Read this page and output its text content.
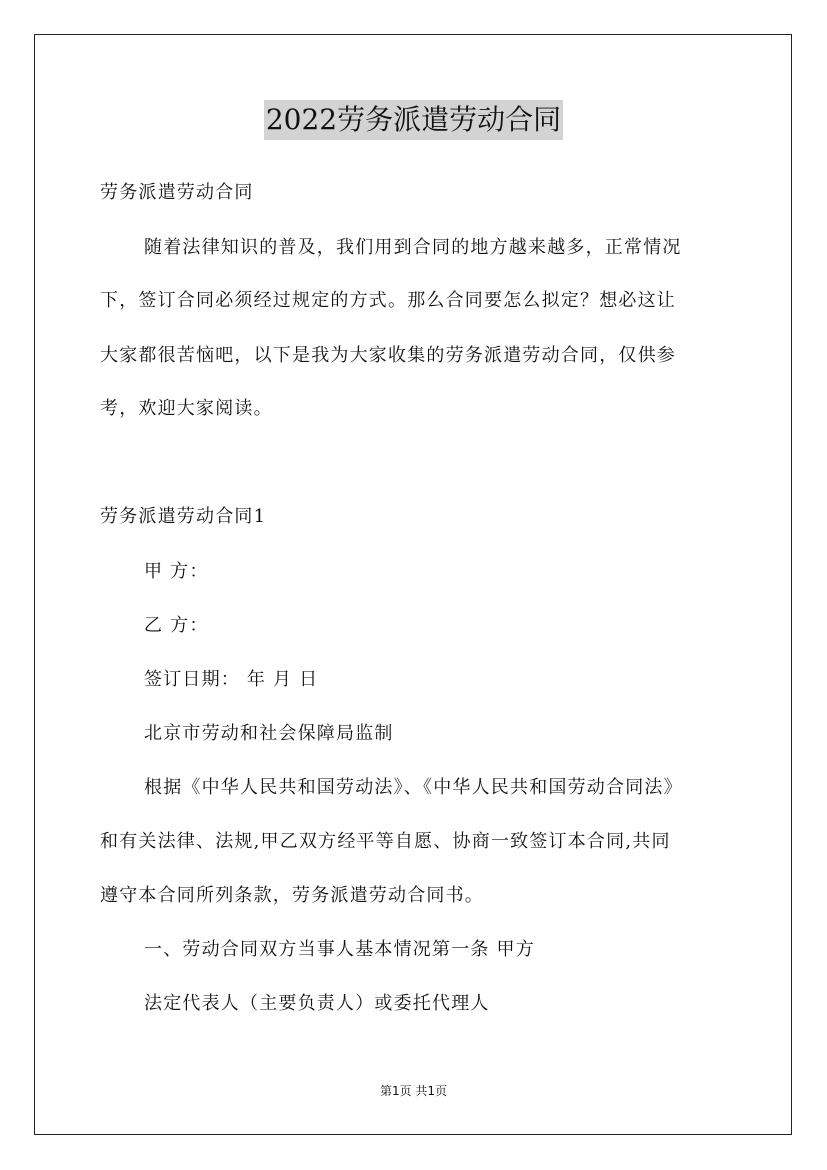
2022劳务派遣劳动合同
劳务派遣劳动合同
随着法律知识的普及，我们用到合同的地方越来越多，正常情况
下，签订合同必须经过规定的方式。那么合同要怎么拟定？想必这让
大家都很苦恼吧，以下是我为大家收集的劳务派遣劳动合同，仅供参
考，欢迎大家阅读。
劳务派遣劳动合同1
甲 方：
乙 方：
签订日期： 年 月 日
北京市劳动和社会保障局监制
根据《中华人民共和国劳动法》、《中华人民共和国劳动合同法》
和有关法律、法规,甲乙双方经平等自愿、协商一致签订本合同,共同
遵守本合同所列条款，劳务派遣劳动合同书。
一、劳动合同双方当事人基本情况第一条 甲方
法定代表人（主要负责人）或委托代理人
第1页 共1页
